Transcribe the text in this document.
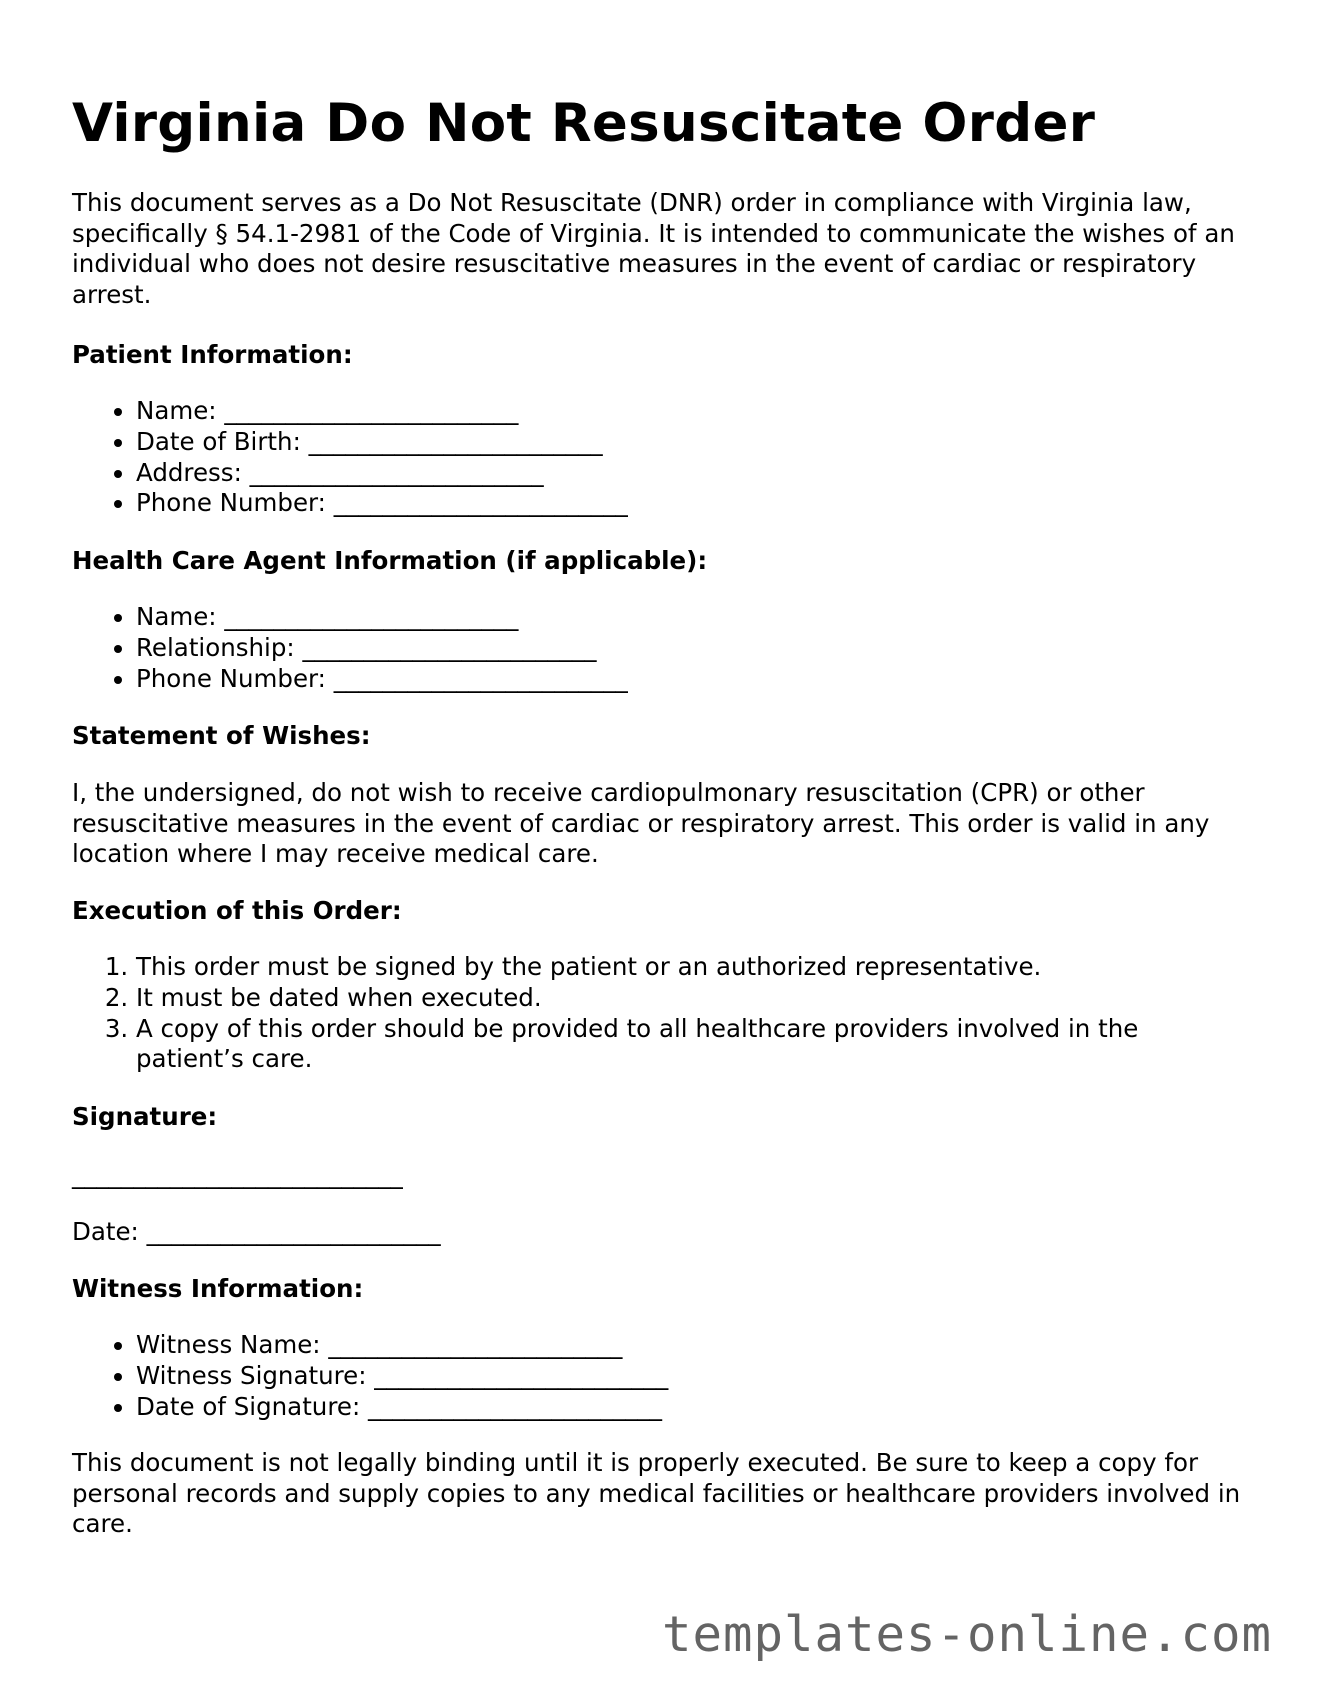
Virginia Do Not Resuscitate Order

This document serves as a Do Not Resuscitate (DNR) order in compliance with Virginia law, specifically § 54.1-2981 of the Code of Virginia. It is intended to communicate the wishes of an individual who does not desire resuscitative measures in the event of cardiac or respiratory arrest.

Patient Information:

• Name: ________________________
• Date of Birth: ________________________
• Address: ________________________
• Phone Number: ________________________

Health Care Agent Information (if applicable):

• Name: ________________________
• Relationship: ________________________
• Phone Number: ________________________

Statement of Wishes:

I, the undersigned, do not wish to receive cardiopulmonary resuscitation (CPR) or other resuscitative measures in the event of cardiac or respiratory arrest. This order is valid in any location where I may receive medical care.

Execution of this Order:

1. This order must be signed by the patient or an authorized representative.
2. It must be dated when executed.
3. A copy of this order should be provided to all healthcare providers involved in the patient’s care.

Signature:

___________________________

Date: ________________________

Witness Information:

• Witness Name: ________________________
• Witness Signature: ________________________
• Date of Signature: ________________________

This document is not legally binding until it is properly executed. Be sure to keep a copy for personal records and supply copies to any medical facilities or healthcare providers involved in care.

templates-online.com
